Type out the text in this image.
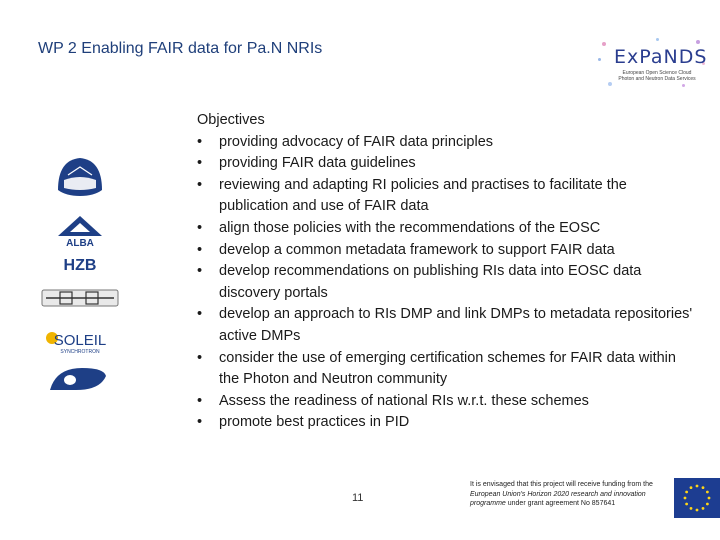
WP 2 Enabling FAIR data for Pa.N NRIs	ExPaNDS
European Open Science Cloud Photon and Neutron Data Services
ALBA
HZB
SOLEIL
SYNCHROTRON
Objectives
• providing advocacy of FAIR data principles
• providing FAIR data guidelines
• reviewing and adapting RI policies and practises to facilitate the publication and use of FAIR data
• align those policies with the recommendations of the EOSC
• develop a common metadata framework to support FAIR data
• develop recommendations on publishing RIs data into EOSC data discovery portals
• develop an approach to RIs DMP and link DMPs to metadata repositories' active DMPs
• consider the use of emerging certification schemes for FAIR data within the Photon and Neutron community
• Assess the readiness of national RIs w.r.t. these schemes
• promote best practices in PID
11
It is envisaged that this project will receive funding from the European Union's Horizon 2020 research and innovation programme under grant agreement No 857641
